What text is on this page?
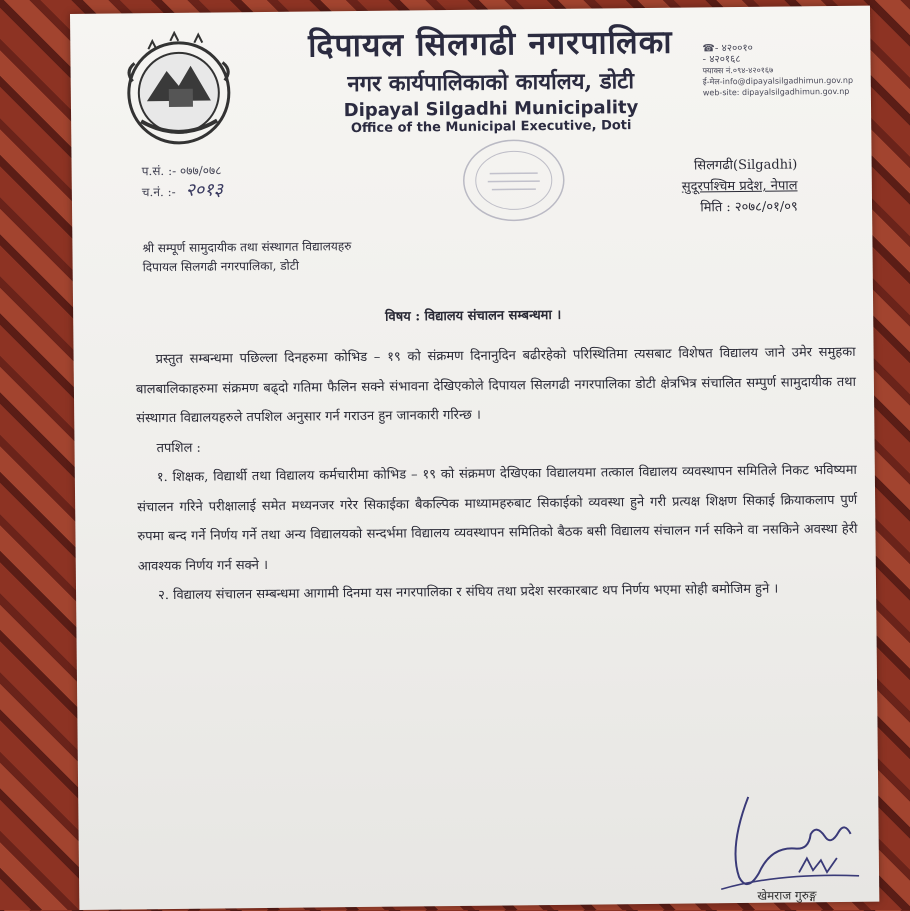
दिपायल सिलगढी नगरपालिका
नगर कार्यपालिकाको कार्यालय, डोटी
Dipayal Silgadhi Municipality
Office of the Municipal Executive, Doti
☎- ४२००१०
- ४२०१६८
फ्याक्स नं.०९४-४२०१६७
ई-मेल-info@dipayalsilgadhimun.gov.np
web-site: dipayalsilgadhimun.gov.np
प.सं. :- ०७७/०७८
च.नं. :- २०१३
सिलगढी(Silgadhi)
सुदूरपश्चिम प्रदेश, नेपाल
मिति : २०७८/०१/०९
श्री सम्पूर्ण सामुदायीक तथा संस्थागत विद्यालयहरु
दिपायल सिलगढी नगरपालिका, डोटी
विषय : विद्यालय संचालन सम्बन्धमा ।

प्रस्तुत सम्बन्धमा पछिल्ला दिनहरुमा कोभिड – १९ को संक्रमण दिनानुदिन बढीरहेको परिस्थितिमा त्यसबाट विशेषत विद्यालय जाने उमेर समुहका बालबालिकाहरुमा संक्रमण बढ्दो गतिमा फैलिन सक्ने संभावना देखिएकोले दिपायल सिलगढी नगरपालिका डोटी क्षेत्रभित्र संचालित सम्पुर्ण सामुदायीक तथा संस्थागत विद्यालयहरुले तपशिल अनुसार गर्न गराउन हुन जानकारी गरिन्छ ।

तपशिल :

१. शिक्षक, विद्यार्थी तथा विद्यालय कर्मचारीमा कोभिड – १९ को संक्रमण देखिएका विद्यालयमा तत्काल विद्यालय व्यवस्थापन समितिले निकट भविष्यमा संचालन गरिने परीक्षालाई समेत मध्यनजर गरेर सिकाईका बैकल्पिक माध्यामहरुबाट सिकाईको व्यवस्था हुने गरी प्रत्यक्ष शिक्षण सिकाई क्रियाकलाप पुर्ण रुपमा बन्द गर्ने निर्णय गर्ने तथा अन्य विद्यालयको सन्दर्भमा विद्यालय व्यवस्थापन समितिको बैठक बसी विद्यालय संचालन गर्न सकिने वा नसकिने अवस्था हेरी आवश्यक निर्णय गर्न सक्ने ।

२. विद्यालय संचालन सम्बन्धमा आगामी दिनमा यस नगरपालिका र संघिय तथा प्रदेश सरकारबाट थप निर्णय भएमा सोही बमोजिम हुने ।

खेमराज गुरुङ्ग
